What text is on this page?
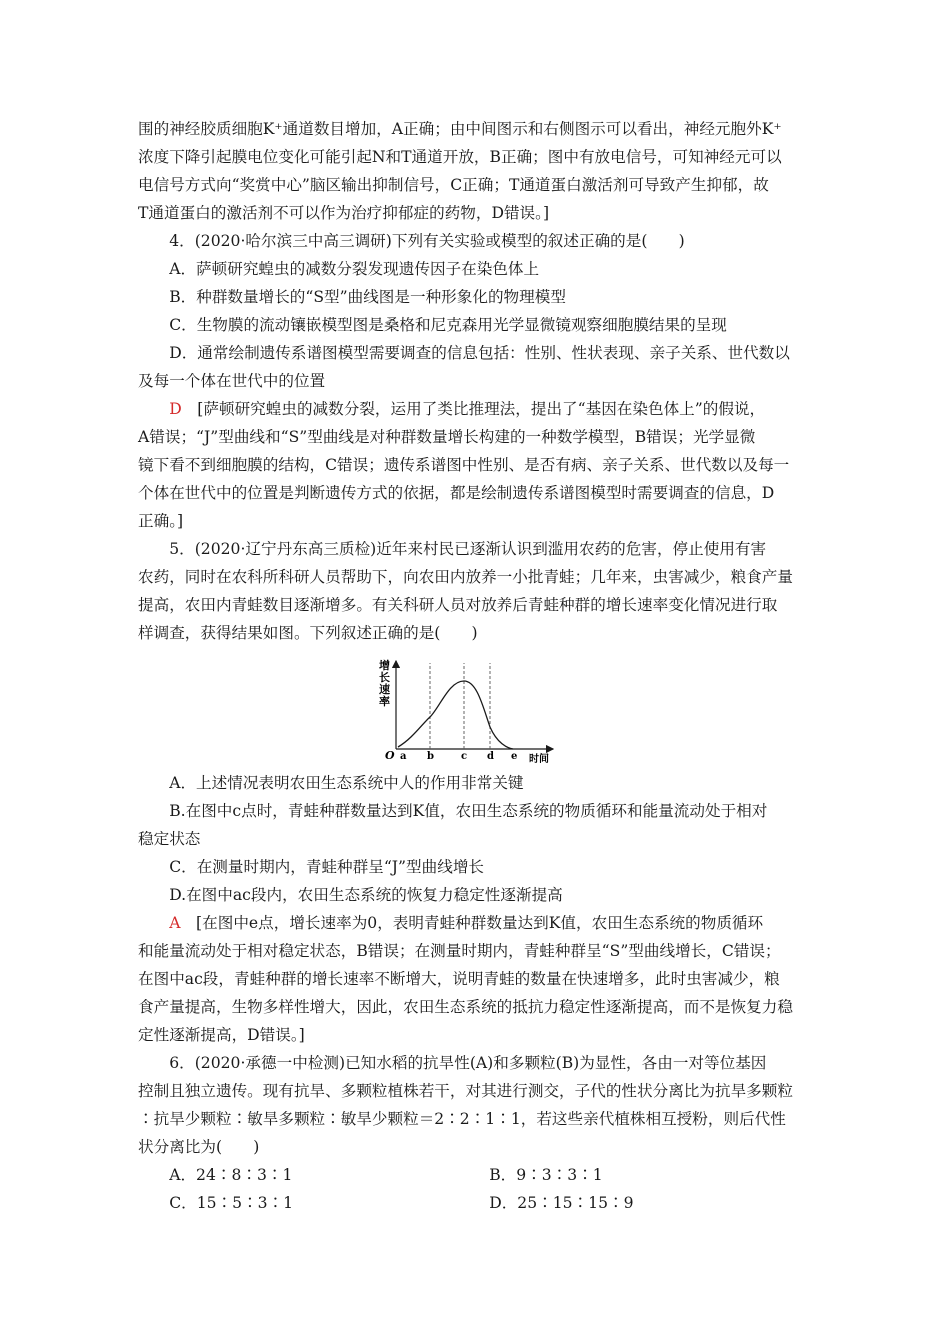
围的神经胶质细胞K⁺通道数目增加，A正确；由中间图示和右侧图示可以看出，神经元胞外K⁺

浓度下降引起膜电位变化可能引起N和T通道开放，B正确；图中有放电信号，可知神经元可以

电信号方式向“奖赏中心”脑区输出抑制信号，C正确；T通道蛋白激活剂可导致产生抑郁，故

T通道蛋白的激活剂不可以作为治疗抑郁症的药物，D错误。]

4．(2020·哈尔滨三中高三调研)下列有关实验或模型的叙述正确的是(　　)

A．萨顿研究蝗虫的减数分裂发现遗传因子在染色体上

B．种群数量增长的“S型”曲线图是一种形象化的物理模型

C．生物膜的流动镶嵌模型图是桑格和尼克森用光学显微镜观察细胞膜结果的呈现

D．通常绘制遗传系谱图模型需要调查的信息包括：性别、性状表现、亲子关系、世代数以

及每一个体在世代中的位置

D　[萨顿研究蝗虫的减数分裂，运用了类比推理法，提出了“基因在染色体上”的假说，

A错误；“J”型曲线和“S”型曲线是对种群数量增长构建的一种数学模型，B错误；光学显微

镜下看不到细胞膜的结构，C错误；遗传系谱图中性别、是否有病、亲子关系、世代数以及每一

个体在世代中的位置是判断遗传方式的依据，都是绘制遗传系谱图模型时需要调查的信息，D

正确。]

5．(2020·辽宁丹东高三质检)近年来村民已逐渐认识到滥用农药的危害，停止使用有害

农药，同时在农科所科研人员帮助下，向农田内放养一小批青蛙；几年来，虫害减少，粮食产量

提高，农田内青蛙数目逐渐增多。有关科研人员对放养后青蛙种群的增长速率变化情况进行取

样调查，获得结果如图。下列叙述正确的是(　　)

增
长
速
率
O a b	c d e 时间

A．上述情况表明农田生态系统中人的作用非常关键

B.在图中c点时，青蛙种群数量达到K值，农田生态系统的物质循环和能量流动处于相对

稳定状态

C．在测量时期内，青蛙种群呈“J”型曲线增长

D.在图中ac段内，农田生态系统的恢复力稳定性逐渐提高

A　[在图中e点，增长速率为0，表明青蛙种群数量达到K值，农田生态系统的物质循环

和能量流动处于相对稳定状态，B错误；在测量时期内，青蛙种群呈“S”型曲线增长，C错误；

在图中ac段，青蛙种群的增长速率不断增大，说明青蛙的数量在快速增多，此时虫害减少，粮

食产量提高，生物多样性增大，因此，农田生态系统的抵抗力稳定性逐渐提高，而不是恢复力稳

定性逐渐提高，D错误。]

6．(2020·承德一中检测)已知水稻的抗旱性(A)和多颗粒(B)为显性，各由一对等位基因

控制且独立遗传。现有抗旱、多颗粒植株若干，对其进行测交，子代的性状分离比为抗旱多颗粒

∶抗旱少颗粒∶敏旱多颗粒∶敏旱少颗粒＝2∶2∶1∶1，若这些亲代植株相互授粉，则后代性

状分离比为(　　)

A．24∶8∶3∶1	B．9∶3∶3∶1
C．15∶5∶3∶1	D．25∶15∶15∶9
